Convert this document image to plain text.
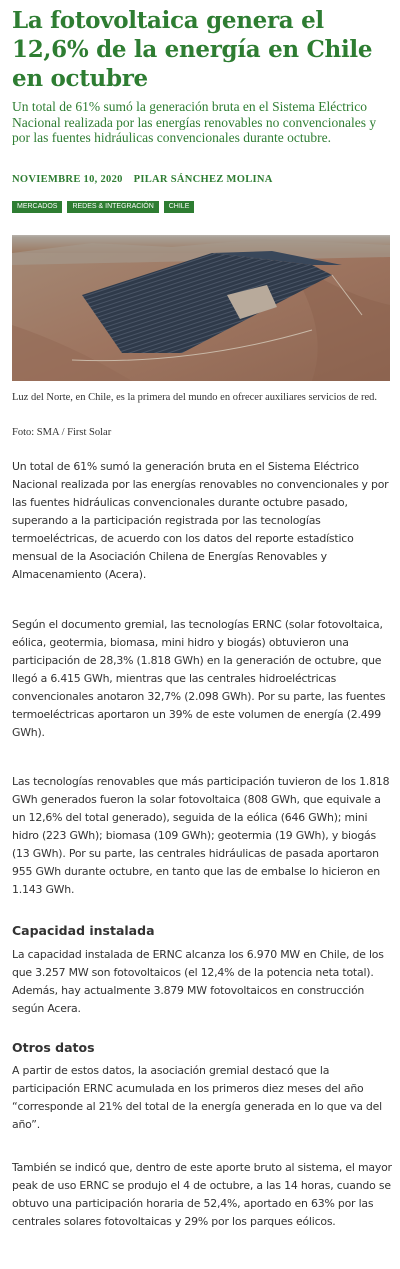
La fotovoltaica genera el 12,6% de la energía en Chile en octubre

Un total de 61% sumó la generación bruta en el Sistema Eléctrico Nacional realizada por las energías renovables no convencionales y por las fuentes hidráulicas convencionales durante octubre.

NOVIEMBRE 10, 2020 PILAR SÁNCHEZ MOLINA
MERCADOS	REDES & INTEGRACIÓN	CHILE

Luz del Norte, en Chile, es la primera del mundo en ofrecer auxiliares servicios de red.

Foto: SMA / First Solar

Un total de 61% sumó la generación bruta en el Sistema Eléctrico Nacional realizada por las energías renovables no convencionales y por las fuentes hidráulicas convencionales durante octubre pasado, superando a la participación registrada por las tecnologías termoeléctricas, de acuerdo con los datos del reporte estadístico mensual de la Asociación Chilena de Energías Renovables y Almacenamiento (Acera).

Según el documento gremial, las tecnologías ERNC (solar fotovoltaica, eólica, geotermia, biomasa, mini hidro y biogás) obtuvieron una participación de 28,3% (1.818 GWh) en la generación de octubre, que llegó a 6.415 GWh, mientras que las centrales hidroeléctricas convencionales anotaron 32,7% (2.098 GWh). Por su parte, las fuentes termoeléctricas aportaron un 39% de este volumen de energía (2.499 GWh).

Las tecnologías renovables que más participación tuvieron de los 1.818 GWh generados fueron la solar fotovoltaica (808 GWh, que equivale a un 12,6% del total generado), seguida de la eólica (646 GWh); mini hidro (223 GWh); biomasa (109 GWh); geotermia (19 GWh), y biogás (13 GWh). Por su parte, las centrales hidráulicas de pasada aportaron 955 GWh durante octubre, en tanto que las de embalse lo hicieron en 1.143 GWh.

Capacidad instalada

La capacidad instalada de ERNC alcanza los 6.970 MW en Chile, de los que 3.257 MW son fotovoltaicos (el 12,4% de la potencia neta total). Además, hay actualmente 3.879 MW fotovoltaicos en construcción según Acera.

Otros datos

A partir de estos datos, la asociación gremial destacó que la participación ERNC acumulada en los primeros diez meses del año “corresponde al 21% del total de la energía generada en lo que va del año”.

También se indicó que, dentro de este aporte bruto al sistema, el mayor peak de uso ERNC se produjo el 4 de octubre, a las 14 horas, cuando se obtuvo una participación horaria de 52,4%, aportado en 63% por las centrales solares fotovoltaicas y 29% por los parques eólicos.
